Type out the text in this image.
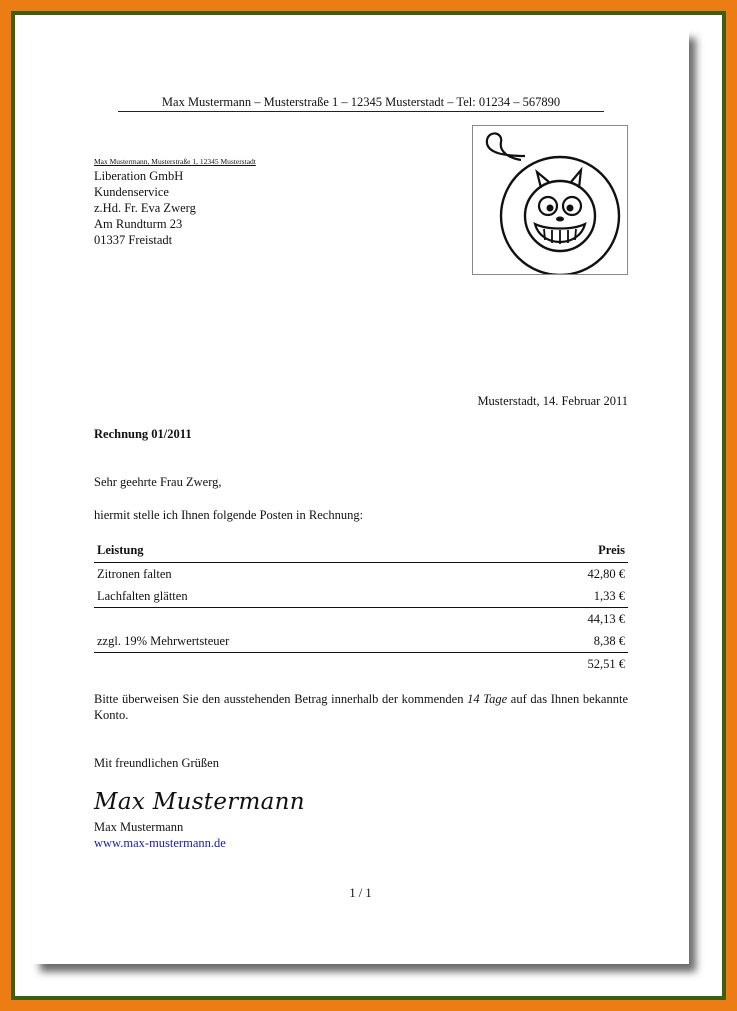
Max Mustermann – Musterstraße 1 – 12345 Musterstadt – Tel: 01234 – 567890
Max Mustermann, Musterstraße 1, 12345 Musterstadt
Liberation GmbH
Kundenservice
z.Hd. Fr. Eva Zwerg
Am Rundturm 23
01337 Freistadt
Musterstadt, 14. Februar 2011
Rechnung 01/2011
Sehr geehrte Frau Zwerg,
hiermit stelle ich Ihnen folgende Posten in Rechnung:
Leistung	Preis
Zitronen falten	42,80 €
Lachfalten glätten	1,33 €
	44,13 €
zzgl. 19% Mehrwertsteuer	8,38 €
	52,51 €
Bitte überweisen Sie den ausstehenden Betrag innerhalb der kommenden 14 Tage auf das Ihnen bekannte Konto.
Mit freundlichen Grüßen
Max Mustermann
Max Mustermann
www.max-mustermann.de
1 / 1
